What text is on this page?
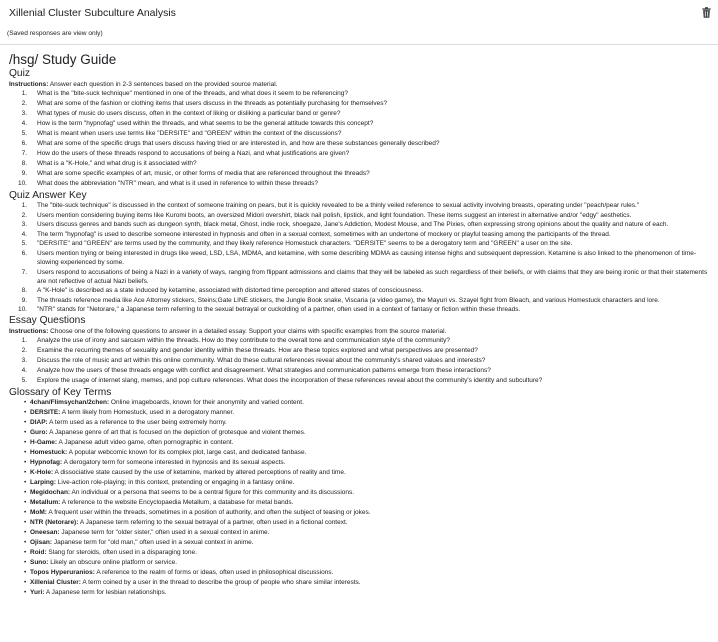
Xillenial Cluster Subculture Analysis
(Saved responses are view only)
/hsg/ Study Guide
Quiz
Instructions: Answer each question in 2-3 sentences based on the provided source material.
1. What is the "bite-suck technique" mentioned in one of the threads, and what does it seem to be referencing?
2. What are some of the fashion or clothing items that users discuss in the threads as potentially purchasing for themselves?
3. What types of music do users discuss, often in the context of liking or disliking a particular band or genre?
4. How is the term "hypnofag" used within the threads, and what seems to be the general attitude towards this concept?
5. What is meant when users use terms like "DERSITE" and "GREEN" within the context of the discussions?
6. What are some of the specific drugs that users discuss having tried or are interested in, and how are these substances generally described?
7. How do the users of these threads respond to accusations of being a Nazi, and what justifications are given?
8. What is a "K-Hole," and what drug is it associated with?
9. What are some specific examples of art, music, or other forms of media that are referenced throughout the threads?
10. What does the abbreviation "NTR" mean, and what is it used in reference to within these threads?
Quiz Answer Key
1. The "bite-suck technique" is discussed in the context of someone training on pears, but it is quickly revealed to be a thinly veiled reference to sexual activity involving breasts, operating under "peach/pear rules."
2. Users mention considering buying items like Kuromi boots, an oversized Midori overshirt, black nail polish, lipstick, and light foundation. These items suggest an interest in alternative and/or "edgy" aesthetics.
3. Users discuss genres and bands such as dungeon synth, black metal, Ghost, indie rock, shoegaze, Jane's Addiction, Modest Mouse, and The Pixies, often expressing strong opinions about the quality and nature of each.
4. The term "hypnofag" is used to describe someone interested in hypnosis and often in a sexual context, sometimes with an undertone of mockery or playful teasing among the participants of the thread.
5. "DERSITE" and "GREEN" are terms used by the community, and they likely reference Homestuck characters. "DERSITE" seems to be a derogatory term and "GREEN" a user on the site.
6. Users mention trying or being interested in drugs like weed, LSD, LSA, MDMA, and ketamine, with some describing MDMA as causing intense highs and subsequent depression. Ketamine is also linked to the phenomenon of time-slowing experienced by some.
7. Users respond to accusations of being a Nazi in a variety of ways, ranging from flippant admissions and claims that they will be labeled as such regardless of their beliefs, or with claims that they are being ironic or that their statements are not reflective of actual Nazi beliefs.
8. A "K-Hole" is described as a state induced by ketamine, associated with distorted time perception and altered states of consciousness.
9. The threads reference media like Ace Attorney stickers, Steins;Gate LINE stickers, the Jungle Book snake, Viscaria (a video game), the Mayuri vs. Szayel fight from Bleach, and various Homestuck characters and lore.
10. "NTR" stands for "Netorare," a Japanese term referring to the sexual betrayal or cuckolding of a partner, often used in a context of fantasy or fiction within these threads.
Essay Questions
Instructions: Choose one of the following questions to answer in a detailed essay. Support your claims with specific examples from the source material.
1. Analyze the use of irony and sarcasm within the threads. How do they contribute to the overall tone and communication style of the community?
2. Examine the recurring themes of sexuality and gender identity within these threads. How are these topics explored and what perspectives are presented?
3. Discuss the role of music and art within this online community. What do these cultural references reveal about the community's shared values and interests?
4. Analyze how the users of these threads engage with conflict and disagreement. What strategies and communication patterns emerge from these interactions?
5. Explore the usage of internet slang, memes, and pop culture references. What does the incorporation of these references reveal about the community's identity and subculture?
Glossary of Key Terms
• 4chan/Flimsychan/2chen: Online imageboards, known for their anonymity and varied content.
• DERSITE: A term likely from Homestuck, used in a derogatory manner.
• DIAP: A term used as a reference to the user being extremely horny.
• Guro: A Japanese genre of art that is focused on the depiction of grotesque and violent themes.
• H-Game: A Japanese adult video game, often pornographic in content.
• Homestuck: A popular webcomic known for its complex plot, large cast, and dedicated fanbase.
• Hypnofag: A derogatory term for someone interested in hypnosis and its sexual aspects.
• K-Hole: A dissociative state caused by the use of ketamine, marked by altered perceptions of reality and time.
• Larping: Live-action role-playing; in this context, pretending or engaging in a fantasy online.
• Megidochan: An individual or a persona that seems to be a central figure for this community and its discussions.
• Metallum: A reference to the website Encyclopaedia Metallum, a database for metal bands.
• MoM: A frequent user within the threads, sometimes in a position of authority, and often the subject of teasing or jokes.
• NTR (Netorare): A Japanese term referring to the sexual betrayal of a partner, often used in a fictional context.
• Oneesan: Japanese term for "older sister," often used in a sexual context in anime.
• Ojisan: Japanese term for "old man," often used in a sexual context in anime.
• Roid: Slang for steroids, often used in a disparaging tone.
• Suno: Likely an obscure online platform or service.
• Topos Hyperuranios: A reference to the realm of forms or ideas, often used in philosophical discussions.
• Xillenial Cluster: A term coined by a user in the thread to describe the group of people who share similar interests.
• Yuri: A Japanese term for lesbian relationships.
